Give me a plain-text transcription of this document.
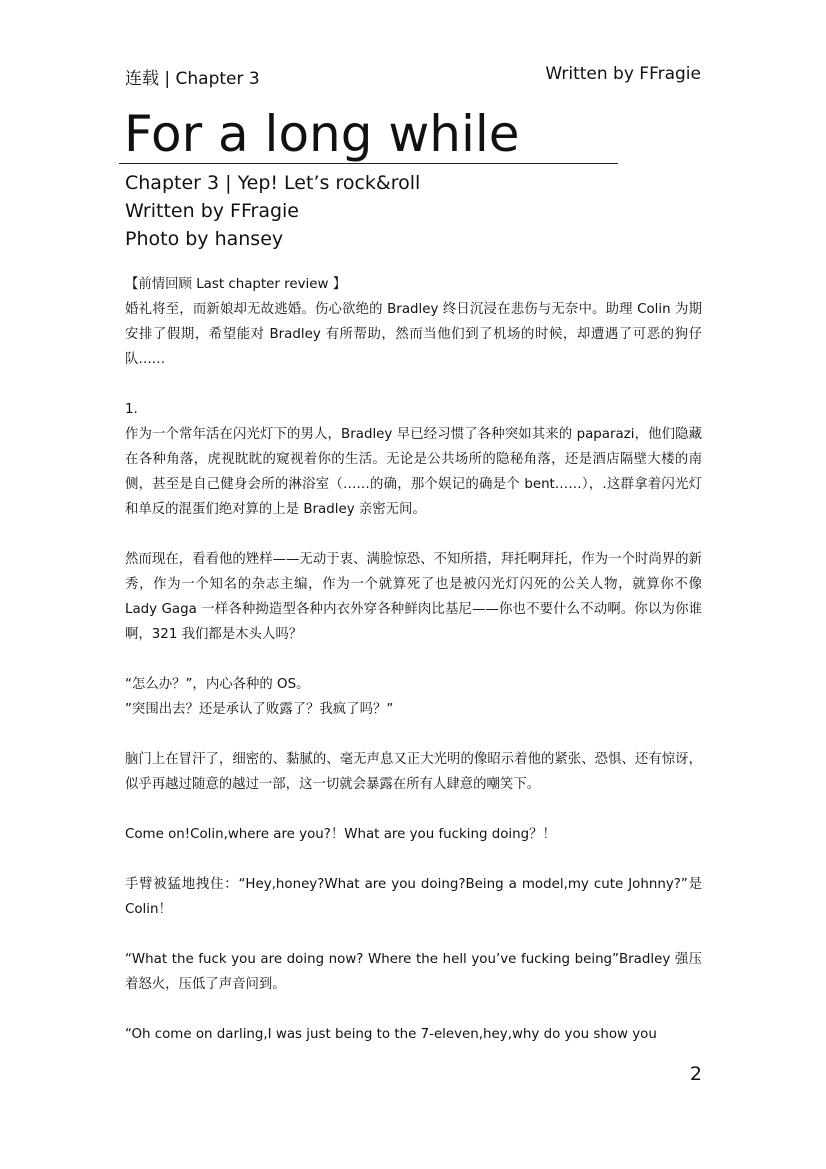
连载 | Chapter 3	Written by FFragie
For a long while
Chapter 3 | Yep! Let’s rock&roll
Written by FFragie
Photo by hansey

【前情回顾 Last chapter review 】

婚礼将至，而新娘却无故逃婚。伤心欲绝的 Bradley 终日沉浸在悲伤与无奈中。助理 Colin 为期安排了假期，希望能对 Bradley 有所帮助，然而当他们到了机场的时候，却遭遇了可恶的狗仔队……

1.

作为一个常年活在闪光灯下的男人，Bradley 早已经习惯了各种突如其来的 paparazi，他们隐藏在各种角落，虎视眈眈的窥视着你的生活。无论是公共场所的隐秘角落，还是酒店隔壁大楼的南侧，甚至是自己健身会所的淋浴室（……的确，那个娱记的确是个 bent……），.这群拿着闪光灯和单反的混蛋们绝对算的上是 Bradley 亲密无间。

然而现在，看看他的矬样——无动于衷、满脸惊恐、不知所措，拜托啊拜托，作为一个时尚界的新秀，作为一个知名的杂志主编，作为一个就算死了也是被闪光灯闪死的公关人物，就算你不像 Lady Gaga 一样各种拗造型各种内衣外穿各种鲜肉比基尼——你也不要什么不动啊。你以为你谁啊，321 我们都是木头人吗？

“怎么办？”，内心各种的 OS。

”突围出去？还是承认了败露了？我疯了吗？”

脑门上在冒汗了，细密的、黏腻的、毫无声息又正大光明的像昭示着他的紧张、恐惧、还有惊讶，似乎再越过随意的越过一部，这一切就会暴露在所有人肆意的嘲笑下。

Come on!Colin,where are you?！What are you fucking doing？！

手臂被猛地拽住：“Hey,honey?What are you doing?Being a model,my cute Johnny?”是 Colin！

“What the fuck you are doing now? Where the hell you’ve fucking being”Bradley 强压着怒火，压低了声音问到。

“Oh come on darling,I was just being to the 7-eleven,hey,why do you show you

2
